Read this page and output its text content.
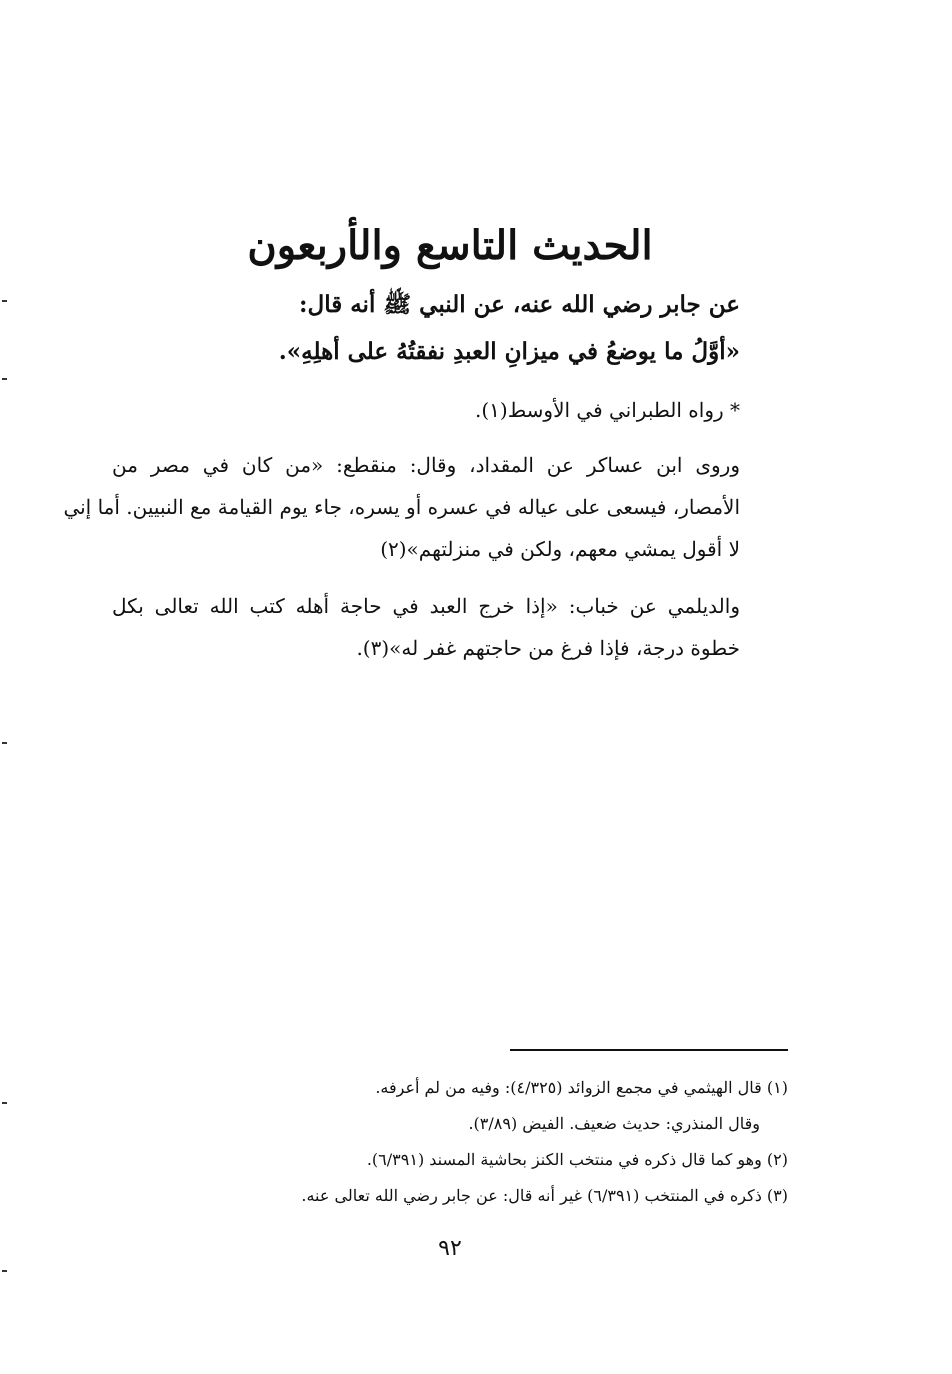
الحديث التاسع والأربعون
عن جابر رضي الله عنه، عن النبي ﷺ أنه قال:
«أوَّلُ ما يوضعُ في ميزانِ العبدِ نفقتُهُ على أهلِهِ».
* رواه الطبراني في الأوسط(١).
وروى ابن عساكر عن المقداد، وقال: منقطع: «من كان في مصر من
الأمصار، فيسعى على عياله في عسره أو يسره، جاء يوم القيامة مع النبيين. أما إني
لا أقول يمشي معهم، ولكن في منزلتهم»(٢)
والديلمي عن خباب: «إذا خرج العبد في حاجة أهله كتب الله تعالى بكل
خطوة درجة، فإذا فرغ من حاجتهم غفر له»(٣).
(١) قال الهيثمي في مجمع الزوائد (٤/٣٢٥): وفيه من لم أعرفه.
وقال المنذري: حديث ضعيف. الفيض (٣/٨٩).
(٢) وهو كما قال ذكره في منتخب الكنز بحاشية المسند (٦/٣٩١).
(٣) ذكره في المنتخب (٦/٣٩١) غير أنه قال: عن جابر رضي الله تعالى عنه.
٩٢
